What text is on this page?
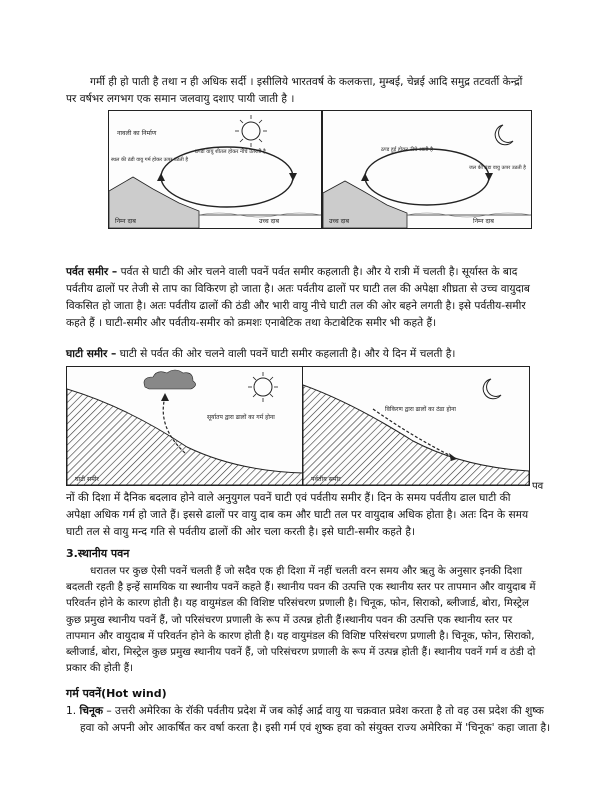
गर्मी ही हो पाती है तथा न ही अधिक सर्दी । इसीलिये भारतवर्ष के कलकत्ता, मुम्बई, चेन्नई आदि समुद्र तटवर्ती केन्द्रों पर वर्षभर लगभग एक समान जलवायु दशाए पायी जाती है ।

नावली का निर्माण
ठण्डा वायु शीतल होकर नीचे उतरती है
स्थल की ठंडी वायु गर्म होकर ऊपर उठती है
निम्न दाब	उच्च दाब
ठण्ड हुई होकर नीचे आती है
जल की ठंडा वायु ऊपर उठती है
उच्च दाब	निम्न दाब

पर्वत समीर – पर्वत से घाटी की ओर चलने वाली पवनें पर्वत समीर कहलाती है। और ये रात्री में चलती है। सूर्यास्त के बाद पर्वतीय ढालों पर तेजी से ताप का विकिरण हो जाता है। अतः पर्वतीय ढालों पर घाटी तल की अपेक्षा शीघ्रता से उच्च वायुदाब विकसित हो जाता है। अतः पर्वतीय ढालों की ठंडी और भारी वायु नीचे घाटी तल की ओर बहने लगती है। इसे पर्वतीय-समीर कहते हैं । घाटी-समीर और पर्वतीय-समीर को क्रमशः एनाबेटिक तथा केटाबेटिक समीर भी कहते हैं।

घाटी समीर – घाटी से पर्वत की ओर चलने वाली पवनें घाटी समीर कहलाती है। और ये दिन में चलती है।

सूर्यातप द्वारा ढालों का गर्म होना
घाटी समीर
विकिरण द्वारा ढालों का ठंडा होना
पर्वतीय समीर
पव

नों की दिशा में दैनिक बदलाव होने वाले अनुयुगल पवनें घाटी एवं पर्वतीय समीर हैं। दिन के समय पर्वतीय ढाल घाटी की अपेक्षा अधिक गर्म हो जाते हैं। इससे ढालों पर वायु दाब कम और घाटी तल पर वायुदाब अधिक होता है। अतः दिन के समय घाटी तल से वायु मन्द गति से पर्वतीय ढालों की ओर चला करती है। इसे घाटी-समीर कहते है।

3.स्थानीय पवन

धरातल पर कुछ ऐसी पवनें चलती हैं जो सदैव एक ही दिशा में नहीं चलती वरन समय और ऋतु के अनुसार इनकी दिशा बदलती रहती है इन्हें सामयिक या स्थानीय पवनें कहते हैं। स्थानीय पवन की उत्पत्ति एक स्थानीय स्तर पर तापमान और वायुदाब में परिवर्तन होने के कारण होती है। यह वायुमंडल की विशिष्ट परिसंचरण प्रणाली है। चिनूक, फोन, सिराको, ब्लीजार्ड, बोरा, मिस्ट्रेल कुछ प्रमुख स्थानीय पवनें हैं, जो परिसंचरण प्रणाली के रूप में उत्पन्न होती हैं।स्थानीय पवन की उत्पत्ति एक स्थानीय स्तर पर तापमान और वायुदाब में परिवर्तन होने के कारण होती है। यह वायुमंडल की विशिष्ट परिसंचरण प्रणाली है। चिनूक, फोन, सिराको, ब्लीजार्ड, बोरा, मिस्ट्रेल कुछ प्रमुख स्थानीय पवनें हैं, जो परिसंचरण प्रणाली के रूप में उत्पन्न होती हैं। स्थानीय पवनें गर्म व ठंडी दो प्रकार की होती हैं।

गर्म पवनें(Hot wind)

1. चिनूक – उत्तरी अमेरिका के रॉकी पर्वतीय प्रदेश में जब कोई आर्द्र वायु या चक्रवात प्रवेश करता है तो वह उस प्रदेश की शुष्क हवा को अपनी ओर आकर्षित कर वर्षा करता है। इसी गर्म एवं शुष्क हवा को संयुक्त राज्य अमेरिका में 'चिनूक' कहा जाता है।
